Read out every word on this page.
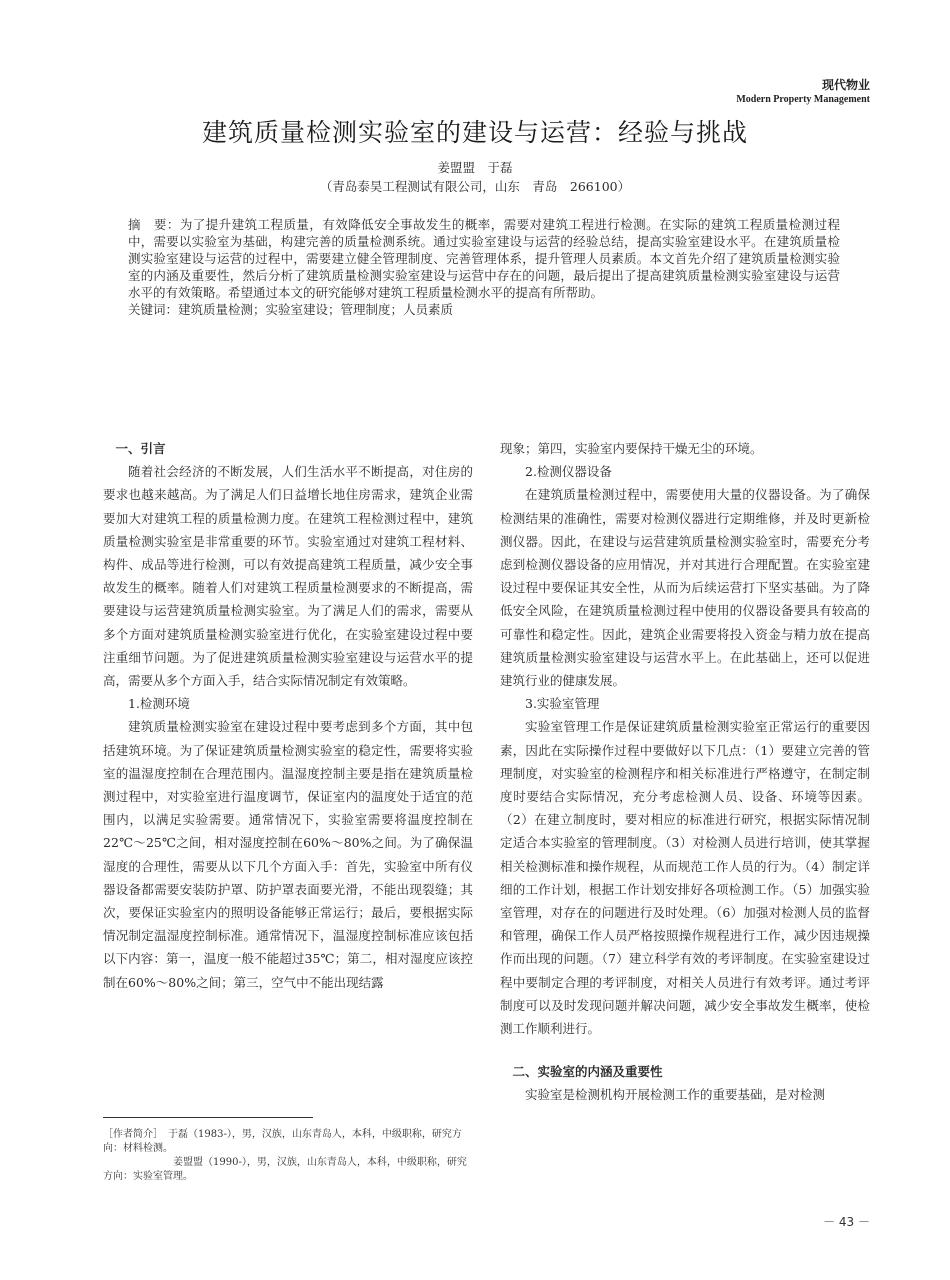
现代物业
Modern Property Management
建筑质量检测实验室的建设与运营：经验与挑战
姜盟盟　于磊
（青岛泰昊工程测试有限公司，山东　青岛　266100）

摘　要：为了提升建筑工程质量，有效降低安全事故发生的概率，需要对建筑工程进行检测。在实际的建筑工程质量检测过程中，需要以实验室为基础，构建完善的质量检测系统。通过实验室建设与运营的经验总结，提高实验室建设水平。在建筑质量检测实验室建设与运营的过程中，需要建立健全管理制度、完善管理体系，提升管理人员素质。本文首先介绍了建筑质量检测实验室的内涵及重要性，然后分析了建筑质量检测实验室建设与运营中存在的问题，最后提出了提高建筑质量检测实验室建设与运营水平的有效策略。希望通过本文的研究能够对建筑工程质量检测水平的提高有所帮助。

关键词：建筑质量检测；实验室建设；管理制度；人员素质

一、引言

随着社会经济的不断发展，人们生活水平不断提高，对住房的要求也越来越高。为了满足人们日益增长地住房需求，建筑企业需要加大对建筑工程的质量检测力度。在建筑工程检测过程中，建筑质量检测实验室是非常重要的环节。实验室通过对建筑工程材料、构件、成品等进行检测，可以有效提高建筑工程质量，减少安全事故发生的概率。随着人们对建筑工程质量检测要求的不断提高，需要建设与运营建筑质量检测实验室。为了满足人们的需求，需要从多个方面对建筑质量检测实验室进行优化，在实验室建设过程中要注重细节问题。为了促进建筑质量检测实验室建设与运营水平的提高，需要从多个方面入手，结合实际情况制定有效策略。

1.检测环境

建筑质量检测实验室在建设过程中要考虑到多个方面，其中包括建筑环境。为了保证建筑质量检测实验室的稳定性，需要将实验室的温湿度控制在合理范围内。温湿度控制主要是指在建筑质量检测过程中，对实验室进行温度调节，保证室内的温度处于适宜的范围内，以满足实验需要。通常情况下，实验室需要将温度控制在22℃～25℃之间，相对湿度控制在60%～80%之间。为了确保温湿度的合理性，需要从以下几个方面入手：首先，实验室中所有仪器设备都需要安装防护罩、防护罩表面要光滑，不能出现裂缝；其次，要保证实验室内的照明设备能够正常运行；最后，要根据实际情况制定温湿度控制标准。通常情况下，温湿度控制标准应该包括以下内容：第一，温度一般不能超过35℃；第二，相对湿度应该控制在60%～80%之间；第三，空气中不能出现结露

现象；第四，实验室内要保持干燥无尘的环境。

2.检测仪器设备

在建筑质量检测过程中，需要使用大量的仪器设备。为了确保检测结果的准确性，需要对检测仪器进行定期维修，并及时更新检测仪器。因此，在建设与运营建筑质量检测实验室时，需要充分考虑到检测仪器设备的应用情况，并对其进行合理配置。在实验室建设过程中要保证其安全性，从而为后续运营打下坚实基础。为了降低安全风险，在建筑质量检测过程中使用的仪器设备要具有较高的可靠性和稳定性。因此，建筑企业需要将投入资金与精力放在提高建筑质量检测实验室建设与运营水平上。在此基础上，还可以促进建筑行业的健康发展。

3.实验室管理

实验室管理工作是保证建筑质量检测实验室正常运行的重要因素，因此在实际操作过程中要做好以下几点：（1）要建立完善的管理制度，对实验室的检测程序和相关标准进行严格遵守，在制定制度时要结合实际情况，充分考虑检测人员、设备、环境等因素。（2）在建立制度时，要对相应的标准进行研究，根据实际情况制定适合本实验室的管理制度。（3）对检测人员进行培训，使其掌握相关检测标准和操作规程，从而规范工作人员的行为。（4）制定详细的工作计划，根据工作计划安排好各项检测工作。（5）加强实验室管理，对存在的问题进行及时处理。（6）加强对检测人员的监督和管理，确保工作人员严格按照操作规程进行工作，减少因违规操作而出现的问题。（7）建立科学有效的考评制度。在实验室建设过程中要制定合理的考评制度，对相关人员进行有效考评。通过考评制度可以及时发现问题并解决问题，减少安全事故发生概率，使检测工作顺利进行。

二、实验室的内涵及重要性

实验室是检测机构开展检测工作的重要基础，是对检测

［作者简介］　于磊（1983-），男，汉族，山东青岛人，本科，中级职称，研究方向：材料检测。

姜盟盟（1990-），男，汉族，山东青岛人，本科，中级职称，研究方向：实验室管理。

－ 43 －
